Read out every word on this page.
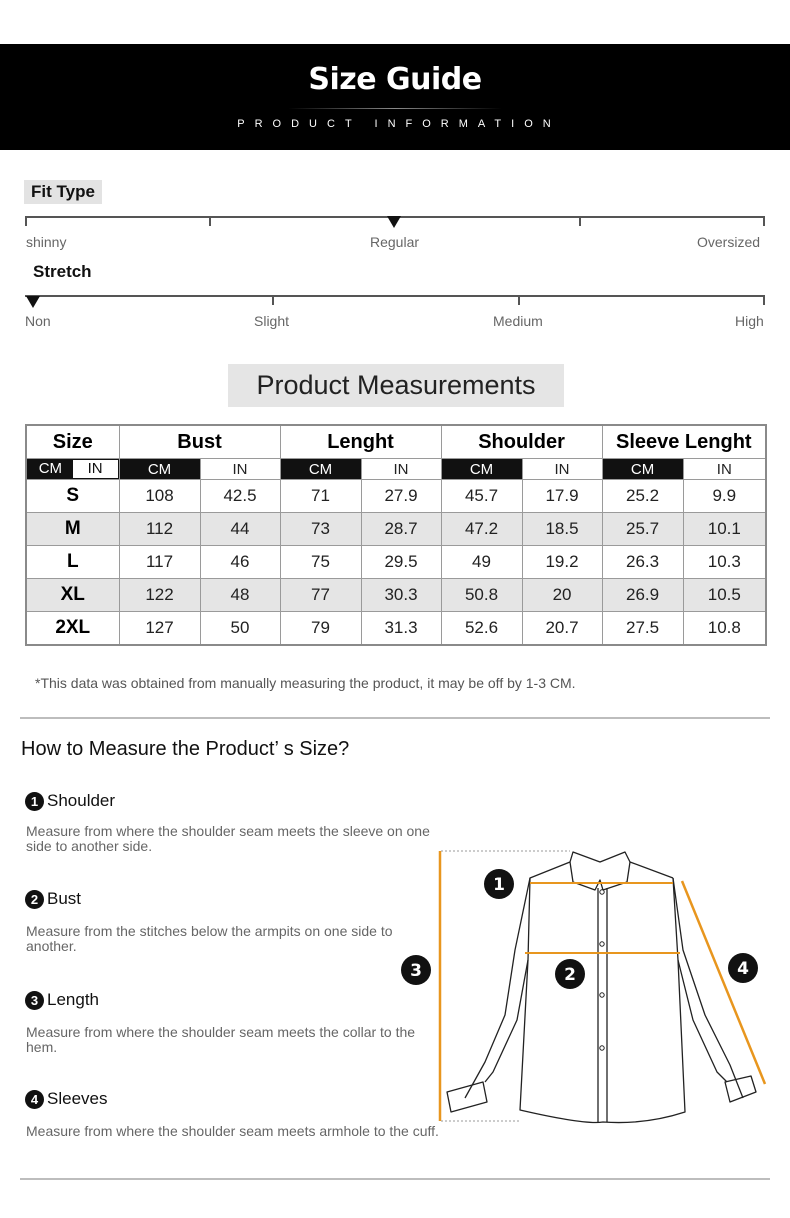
Size Guide
PRODUCT INFORMATION
Fit Type
shinny	Regular	Oversized
Stretch
Non	Slight	Medium	High
Product Measurements
Size	Bust		Lenght		Shoulder		Sleeve Lenght	

CM IN	CM	IN	CM	IN	CM	IN	CM	IN
S	108	42.5	71	27.9	45.7	17.9	25.2	9.9
M	112	44	73	28.7	47.2	18.5	25.7	10.1
L	117	46	75	29.5	49	19.2	26.3	10.3
XL	122	48	77	30.3	50.8	20	26.9	10.5
2XL	127	50	79	31.3	52.6	20.7	27.5	10.8
*This data was obtained from manually measuring the product, it may be off by 1-3 CM.
How to Measure the Product’ s Size?
1 Shoulder
Measure from where the shoulder seam meets the sleeve on one side to another side.
2 Bust
Measure from the stitches below the armpits on one side to another.
3 Length
Measure from where the shoulder seam meets the collar to the hem.
4 Sleeves
Measure from where the shoulder seam meets armhole to the cuff.
1
2
3	4
